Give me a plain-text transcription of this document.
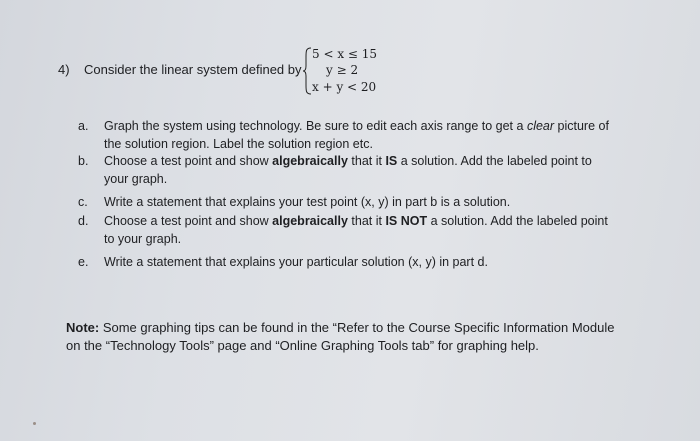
4) Consider the linear system defined by
5 < x ≤ 15
y ≥ 2
x + y < 20
a.	Graph the system using technology. Be sure to edit each axis range to get a clear picture of
the solution region. Label the solution region etc.
b.	Choose a test point and show algebraically that it IS a solution. Add the labeled point to
your graph.
c.	Write a statement that explains your test point (x, y) in part b is a solution.
d.	Choose a test point and show algebraically that it IS NOT a solution. Add the labeled point
to your graph.
e.	Write a statement that explains your particular solution (x, y) in part d.
Note: Some graphing tips can be found in the “Refer to the Course Specific Information Module
on the “Technology Tools” page and “Online Graphing Tools tab” for graphing help.
